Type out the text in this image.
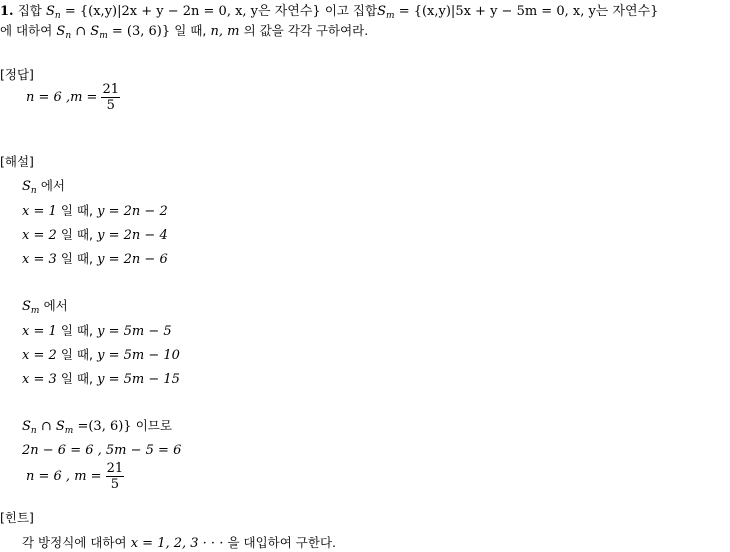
1. 집합 $S_n = \{(x,y)|2x + y - 2n = 0$, x, y은 자연수} 이고 집합$S_m = \{(x,y)|5x + y - 5m = 0$, x, y는 자연수}
에 대하여 $S_n$ ∩ $S_m = (3$, 6)} 일 때, n, m 의 값을 각각 구하여라.
[정답]
n = 6 $,m = \frac{21}{5}$
[해설]
$S_n$ 에서
x = 1 일 때, y = 2n − 2
x = 2 일 때, y = 2n − 4
x = 3 일 때, y = 2n − 6
$S_m$ 에서
x = 1 일 때, y = 5m − 5
x = 2 일 때, y = 5m − 10
x = 3 일 때, y = 5m − 15
$S_n$ ∩ $S_m =(3$, 6)} 이므로
2n − 6 = 6 , 5m − 5 = 6
n = 6 , $m = \frac{21}{5}$
[힌트]
각 방정식에 대하여 x = 1, 2, 3 · · · 을 대입하여 구한다.
